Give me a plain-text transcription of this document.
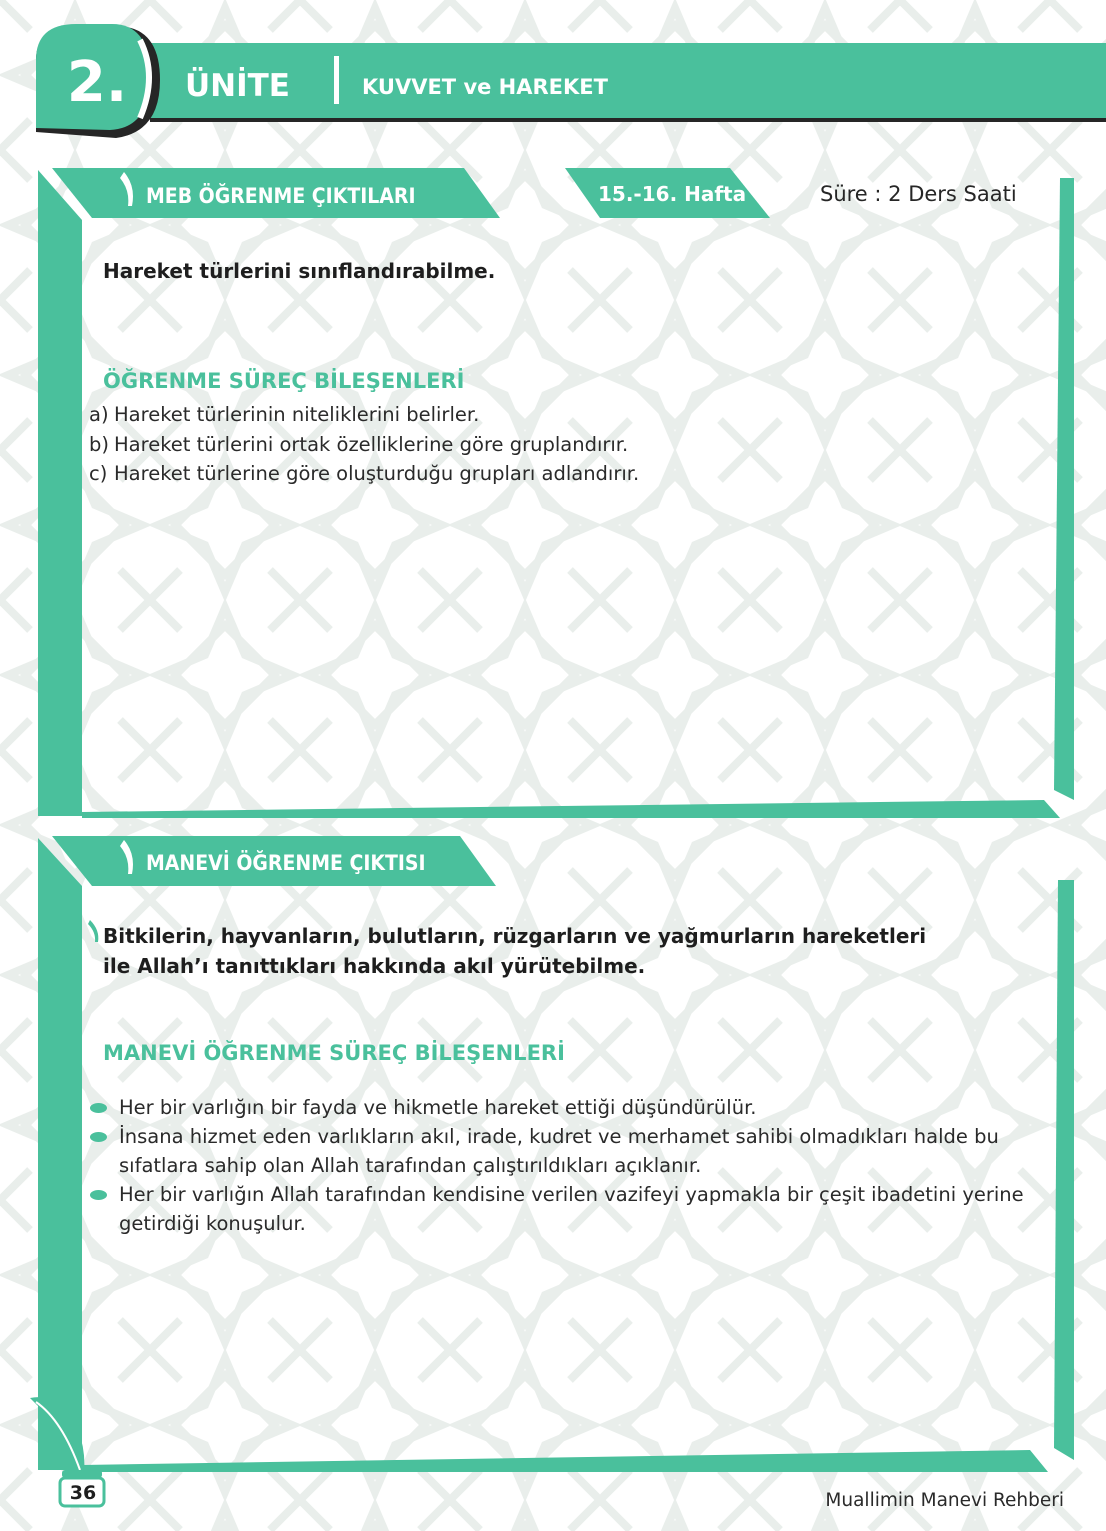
2. ÜNİTE	KUVVET ve HAREKET
MEB ÖĞRENME ÇIKTILARI	15.-16. Hafta	Süre : 2 Ders Saati
Hareket türlerini sınıflandırabilme.
ÖĞRENME SÜREÇ BİLEŞENLERİ
a) Hareket türlerinin niteliklerini belirler.
b) Hareket türlerini ortak özelliklerine göre gruplandırır.
c) Hareket türlerine göre oluşturduğu grupları adlandırır.
MANEVİ ÖĞRENME ÇIKTISI
Bitkilerin, hayvanların, bulutların, rüzgarların ve yağmurların hareketleri
ile Allah’ı tanıttıkları hakkında akıl yürütebilme.
MANEVİ ÖĞRENME SÜREÇ BİLEŞENLERİ
Her bir varlığın bir fayda ve hikmetle hareket ettiği düşündürülür.
İnsana hizmet eden varlıkların akıl, irade, kudret ve merhamet sahibi olmadıkları halde bu sıfatlara sahip olan Allah tarafından çalıştırıldıkları açıklanır.
Her bir varlığın Allah tarafından kendisine verilen vazifeyi yapmakla bir çeşit ibadetini yerine getirdiği konuşulur.
36	Muallimin Manevi Rehberi
